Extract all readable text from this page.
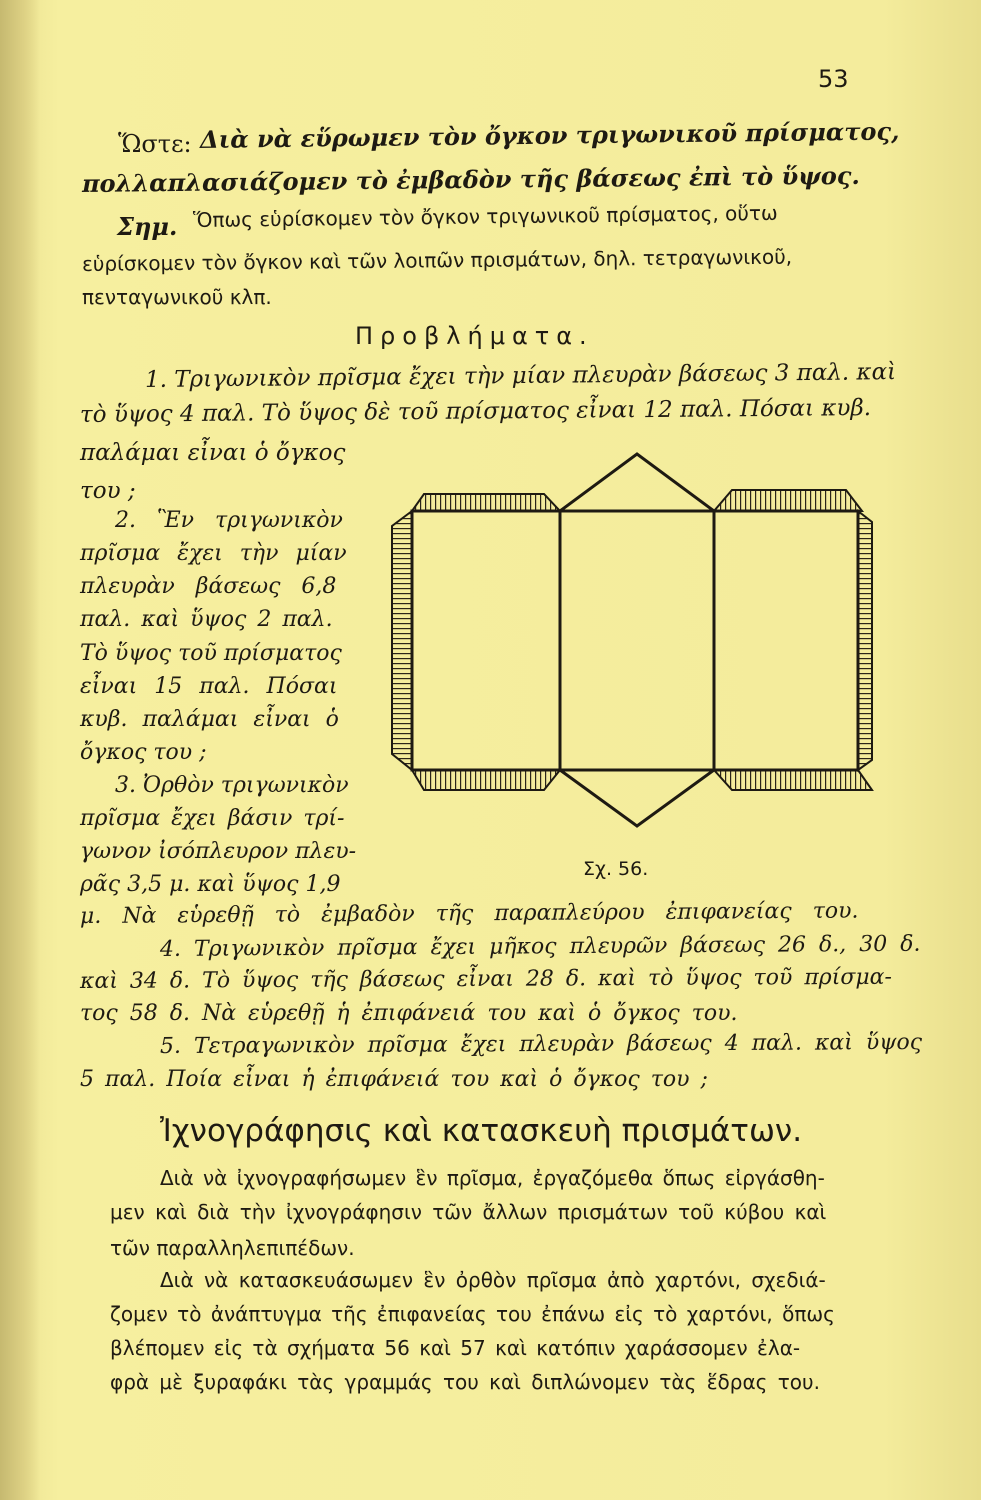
53
Ὥστε: Διὰ νὰ εὕρωμεν τὸν ὄγκον τριγωνικοῦ πρίσματος,
πολλαπλασιάζομεν τὸ ἐμβαδὸν τῆς βάσεως ἐπὶ τὸ ὕψος.
Σημ. Ὅπως εὑρίσκομεν τὸν ὄγκον τριγωνικοῦ πρίσματος, οὕτω
εὑρίσκομεν τὸν ὄγκον καὶ τῶν λοιπῶν πρισμάτων, δηλ. τετραγωνικοῦ,
πενταγωνικοῦ κλπ.
Προβλήματα.
1. Τριγωνικὸν πρῖσμα ἔχει τὴν μίαν πλευρὰν βάσεως 3 παλ. καὶ
τὸ ὕψος 4 παλ. Τὸ ὕψος δὲ τοῦ πρίσματος εἶναι 12 παλ. Πόσαι κυβ.
παλάμαι εἶναι ὁ ὄγκος
του ;
2. Ἓν τριγωνικὸν
πρῖσμα ἔχει τὴν μίαν
πλευρὰν βάσεως 6,8
παλ. καὶ ὕψος 2 παλ.
Τὸ ὕψος τοῦ πρίσματος
εἶναι 15 παλ. Πόσαι
κυβ. παλάμαι εἶναι ὁ
ὄγκος του ;
3. Ὀρθὸν τριγωνικὸν
πρῖσμα ἔχει βάσιν τρί-
γωνον ἰσόπλευρον πλευ-
ρᾶς 3,5 μ. καὶ ὕψος 1,9
μ. Νὰ εὑρεθῇ τὸ ἐμβαδὸν τῆς παραπλεύρου ἐπιφανείας του.
4. Τριγωνικὸν πρῖσμα ἔχει μῆκος πλευρῶν βάσεως 26 δ., 30 δ.
καὶ 34 δ. Τὸ ὕψος τῆς βάσεως εἶναι 28 δ. καὶ τὸ ὕψος τοῦ πρίσμα-
τος 58 δ. Νὰ εὑρεθῇ ἡ ἐπιφάνειά του καὶ ὁ ὄγκος του.
5. Τετραγωνικὸν πρῖσμα ἔχει πλευρὰν βάσεως 4 παλ. καὶ ὕψος
5 παλ. Ποία εἶναι ἡ ἐπιφάνειά του καὶ ὁ ὄγκος του ;
Σχ. 56.
Ἰχνογράφησις καὶ κατασκευὴ πρισμάτων.
Διὰ νὰ ἰχνογραφήσωμεν ἓν πρῖσμα, ἐργαζόμεθα ὅπως εἰργάσθη-
μεν καὶ διὰ τὴν ἰχνογράφησιν τῶν ἄλλων πρισμάτων τοῦ κύβου καὶ
τῶν παραλληλεπιπέδων.
Διὰ νὰ κατασκευάσωμεν ἓν ὀρθὸν πρῖσμα ἀπὸ χαρτόνι, σχεδιά-
ζομεν τὸ ἀνάπτυγμα τῆς ἐπιφανείας του ἐπάνω εἰς τὸ χαρτόνι, ὅπως
βλέπομεν εἰς τὰ σχήματα 56 καὶ 57 καὶ κατόπιν χαράσσομεν ἐλα-
φρὰ μὲ ξυραφάκι τὰς γραμμάς του καὶ διπλώνομεν τὰς ἕδρας του.
